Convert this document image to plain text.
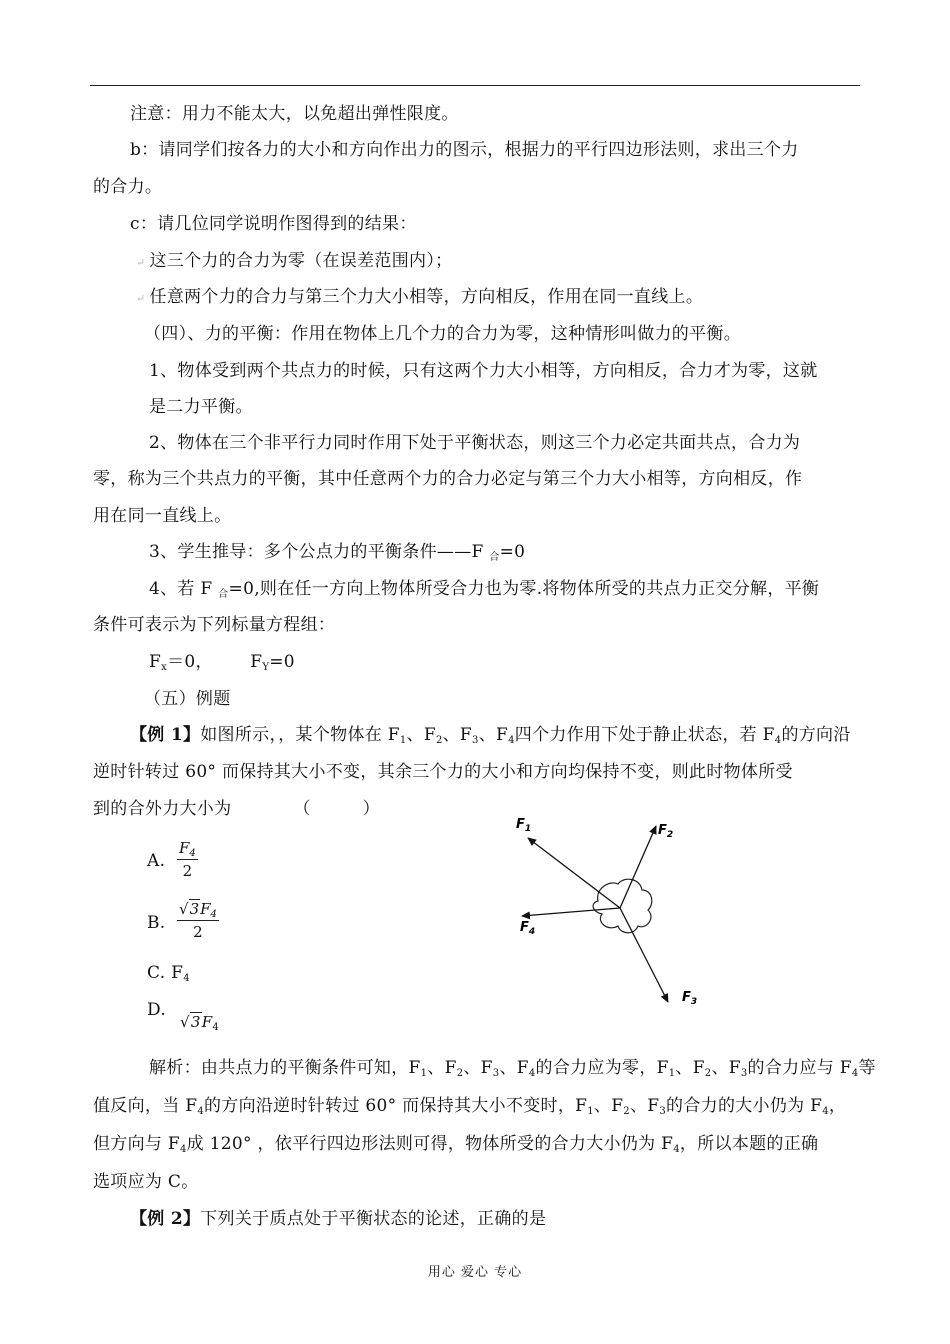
注意：用力不能太大，以免超出弹性限度。
b：请同学们按各力的大小和方向作出力的图示，根据力的平行四边形法则，求出三个力
的合力。
c：请几位同学说明作图得到的结果：
↵ 这三个力的合力为零（在误差范围内）；
↵ 任意两个力的合力与第三个力大小相等，方向相反，作用在同一直线上。
（四）、力的平衡：作用在物体上几个力的合力为零，这种情形叫做力的平衡。
1、物体受到两个共点力的时候，只有这两个力大小相等，方向相反，合力才为零，这就
是二力平衡。
2、物体在三个非平行力同时作用下处于平衡状态，则这三个力必定共面共点，合力为
零，称为三个共点力的平衡，其中任意两个力的合力必定与第三个力大小相等，方向相反，作
用在同一直线上。
3、学生推导：多个公点力的平衡条件——F $_合$=0
4、若 F $_合$=0,则在任一方向上物体所受合力也为零.将物体所受的共点力正交分解，平衡
条件可表示为下列标量方程组：
$F_x=0$， $F_Y=0$
（五）例题
【例 1】如图所示，，某个物体在 $F_1$、$F_2$、$F_3$、$F_4$四个力作用下处于静止状态，若 $F_4$的方向沿
逆时针转过 60° 而保持其大小不变，其余三个力的大小和方向均保持不变，则此时物体所受
到的合外力大小为	（　　　）
A. $\frac{F_4}{2}$
B. $\frac{√3F_4}{2}$
C. $F_4$
D.
$√3F_4$
$F_1$	$F_2$
$F_3$
$F_4$
解析：由共点力的平衡条件可知，$F_1$、$F_2$、$F_3$、$F_4$的合力应为零，$F_1$、$F_2$、$F_3$的合力应与 $F_4$等
值反向，当 $F_4$的方向沿逆时针转过 60° 而保持其大小不变时，$F_1$、$F_2$、$F_3$的合力的大小仍为 $F_4$，
但方向与 $F_4$成 120° ，依平行四边形法则可得，物体所受的合力大小仍为 $F_4$，所以本题的正确
选项应为 C。
【例 2】下列关于质点处于平衡状态的论述，正确的是
用心 爱心 专心
